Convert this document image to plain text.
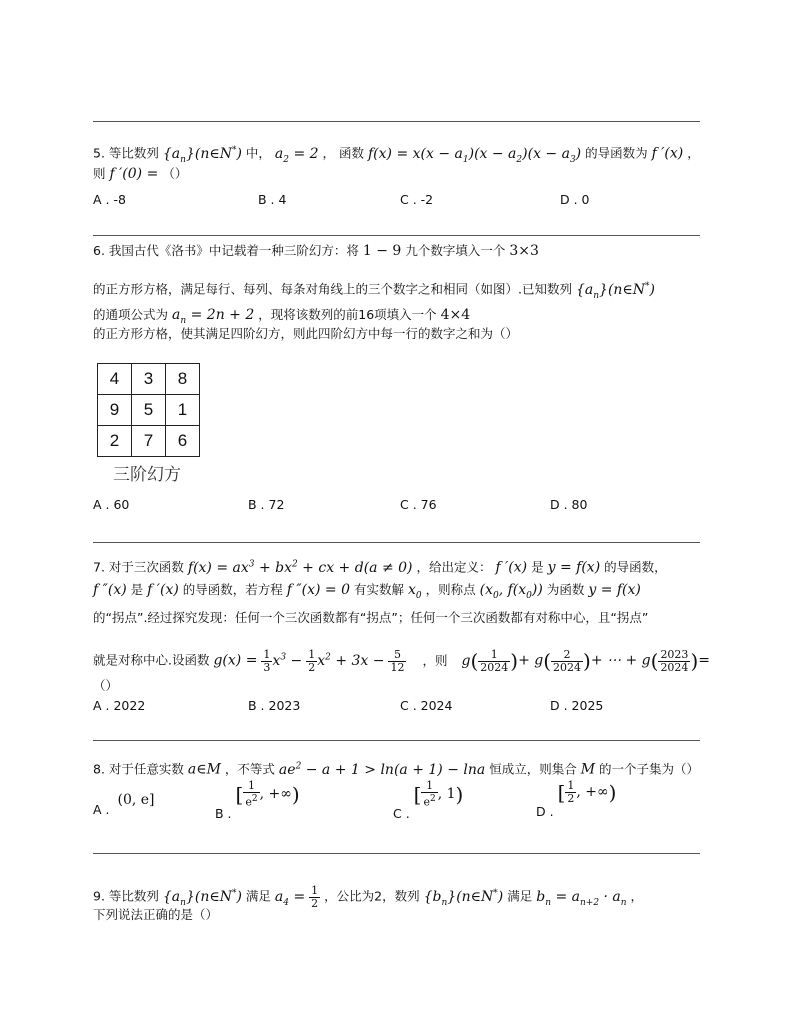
5. 等比数列 $\{a_n\}(n\in N^*)$ 中， $a_2 = 2$ ， 函数 $f(x) = x(x - a_1)(x - a_2)(x - a_3)$ 的导函数为 f ′(x) ，
则 f ′(0) = （）
A . -8	B . 4	C . -2	D . 0
6. 我国古代《洛书》中记载着一种三阶幻方：将 1 − 9 九个数字填入一个 3×3
的正方形方格，满足每行、每列、每条对角线上的三个数字之和相同（如图）.已知数列 $\{a_n\}(n\in N^*)$
的通项公式为 $a_n = 2n + 2$ ，现将该数列的前16项填入一个 4×4
的正方形方格，使其满足四阶幻方，则此四阶幻方中每一行的数字之和为（）
4	3	8
9	5	1
2	7	6
三阶幻方
A . 60	B . 72	C . 76	D . 80
7. 对于三次函数 $f(x) = ax^3 + bx^2$ + cx + d(a ≠ 0) ，给出定义： f ′(x) 是 y = f(x) 的导函数，
f ″(x) 是 f ′(x) 的导函数，若方程 f ″(x) = 0 有实数解 $x_0$ ，则称点 ($x_0$, $f(x_0)$) 为函数 y = f(x)
的“拐点”.经过探究发现：任何一个三次函数都有“拐点”；任何一个三次函数都有对称中心，且“拐点”
就是对称中心.设函数 $g(x) = \frac{1}{3} x^3 - \frac{1}{2} x^2 + 3x - \frac{5}{12}$ ，则 $g( \frac{1}{2024}$ )+ $g( \frac{2}{2024}$ )+ ⋯ + $g( \frac{2023}{2024}$ )=
（）
A . 2022	B . 2023	C . 2024	D . 2025
8. 对于任意实数 a∈M ，不等式 $ae^2 - a + 1 > \ln(a + 1) - \ln a$ 恒成立，则集合 M 的一个子集为（）
A . (0, e]
B . [ $\frac{1}{e^2}$ , +∞)
C . [ $\frac{1}{e^2}$ , 1)
D . [ $\frac{1}{2}$ , +∞)
9. 等比数列 $\{a_n\}(n\in N^*)$ 满足 $a_4 = \frac{1}{2}$ ，公比为2，数列 $\{b_n\}(n\in N^*)$ 满足 $b_n = a_{n+2} \cdot a_n$ ，
下列说法正确的是（）
